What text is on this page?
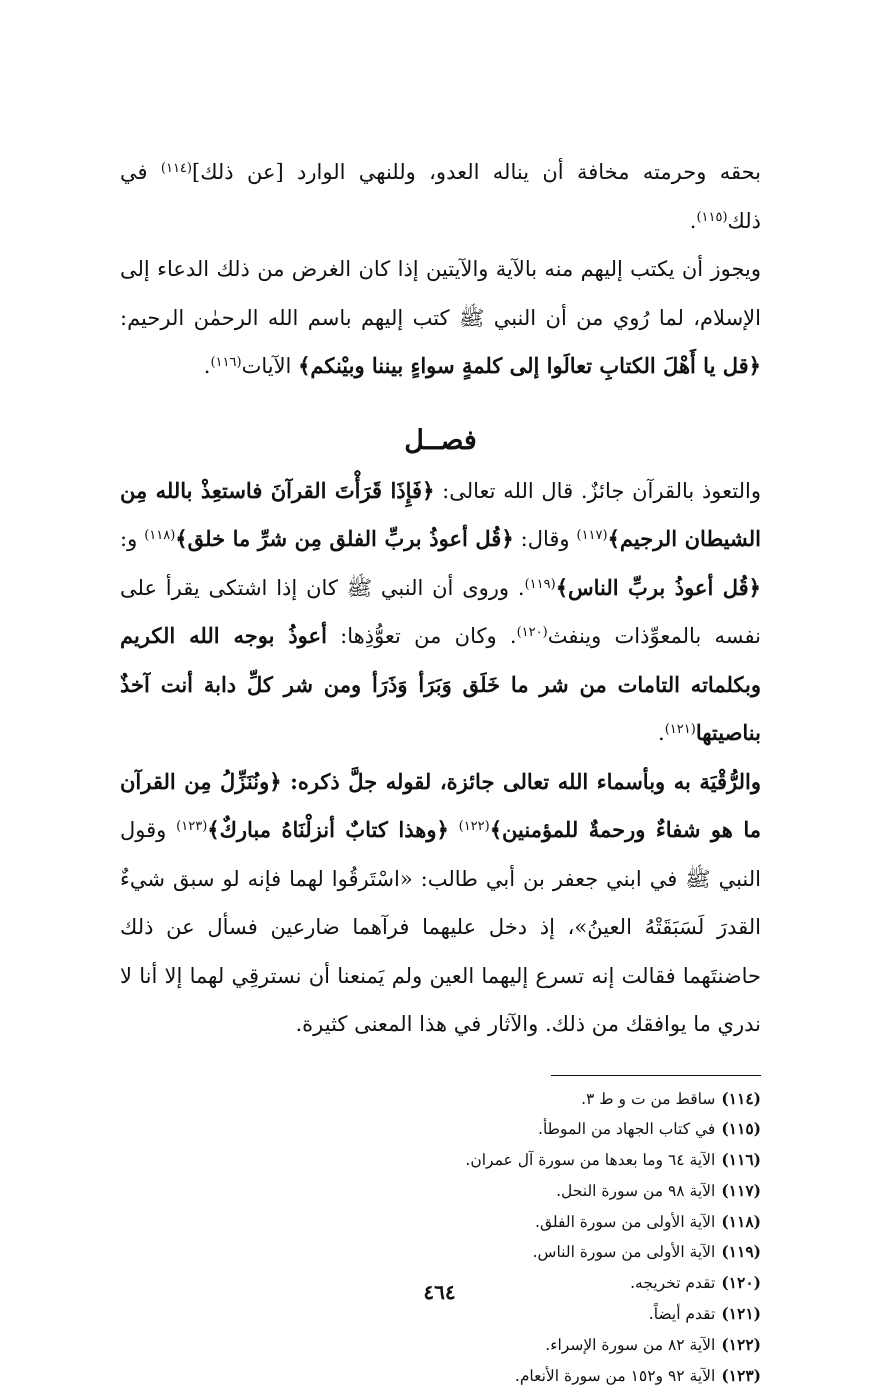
بحقه وحرمته مخافة أن يناله العدو، وللنهي الوارد [عن ذلك]$^{(١١٤)}$ في ذلك$^{(١١٥)}$.

ويجوز أن يكتب إليهم منه بالآية والآيتين إذا كان الغرض من ذلك الدعاء إلى الإسلام، لما رُوي من أن النبي ﷺ كتب إليهم باسم الله الرحمٰن الرحيم: ﴿قل يا أَهْلَ الكتابِ تعالَوا إلى كلمةٍ سواءٍ بيننا وبيْنكم﴾ الآيات$^{(١١٦)}$.

فصــل

والتعوذ بالقرآن جائزٌ. قال الله تعالى: ﴿فَإِذَا قَرَأْتَ القرآنَ فاستعِذْ بالله مِن الشيطان الرجيم﴾$^{(١١٧)}$ وقال: ﴿قُل أعوذُ بربِّ الفلق مِن شرِّ ما خلق﴾$^{(١١٨)}$ و: ﴿قُل أعوذُ بربِّ الناس﴾$^{(١١٩)}$. وروى أن النبي ﷺ كان إذا اشتكى يقرأ على نفسه بالمعوِّذات وينفث$^{(١٢٠)}$. وكان من تعوُّذِها: أعوذُ بوجه الله الكريم وبكلماته التامات من شر ما خَلَق وَبَرَأ وَذَرَأ ومن شر كلِّ دابة أنت آخذٌ بناصيتها$^{(١٢١)}$.

والرُّقْيَة به وبأسماء الله تعالى جائزة، لقوله جلَّ ذكره: ﴿ونُنَزِّلُ مِن القرآن ما هو شفاءٌ ورحمةٌ للمؤمنين﴾$^{(١٢٢)}$ ﴿وهذا كتابٌ أنزلْنَاهُ مباركٌ﴾$^{(١٢٣)}$ وقول النبي ﷺ في ابني جعفر بن أبي طالب: «اسْتَرقُوا لهما فإنه لو سبق شيءٌ القدرَ لَسَبَقَتْهُ العينُ»، إذ دخل عليهما فرآهما ضارعين فسأل عن ذلك حاضنتَهما فقالت إنه تسرع إليهما العين ولم يَمنعنا أن نسترقِي لهما إلا أنا لا ندري ما يوافقك من ذلك. والآثار في هذا المعنى كثيرة.

(١١٤)ساقط من ت و ط ٣.
(١١٥)في كتاب الجهاد من الموطأ.
(١١٦)الآية ٦٤ وما بعدها من سورة آل عمران.
(١١٧)الآية ٩٨ من سورة النحل.
(١١٨)الآية الأولى من سورة الفلق.
(١١٩)الآية الأولى من سورة الناس.
(١٢٠)تقدم تخريجه.
(١٢١)تقدم أيضاً.
(١٢٢)الآية ٨٢ من سورة الإسراء.
(١٢٣)الآية ٩٢ و١٥٢ من سورة الأنعام.
٤٦٤
